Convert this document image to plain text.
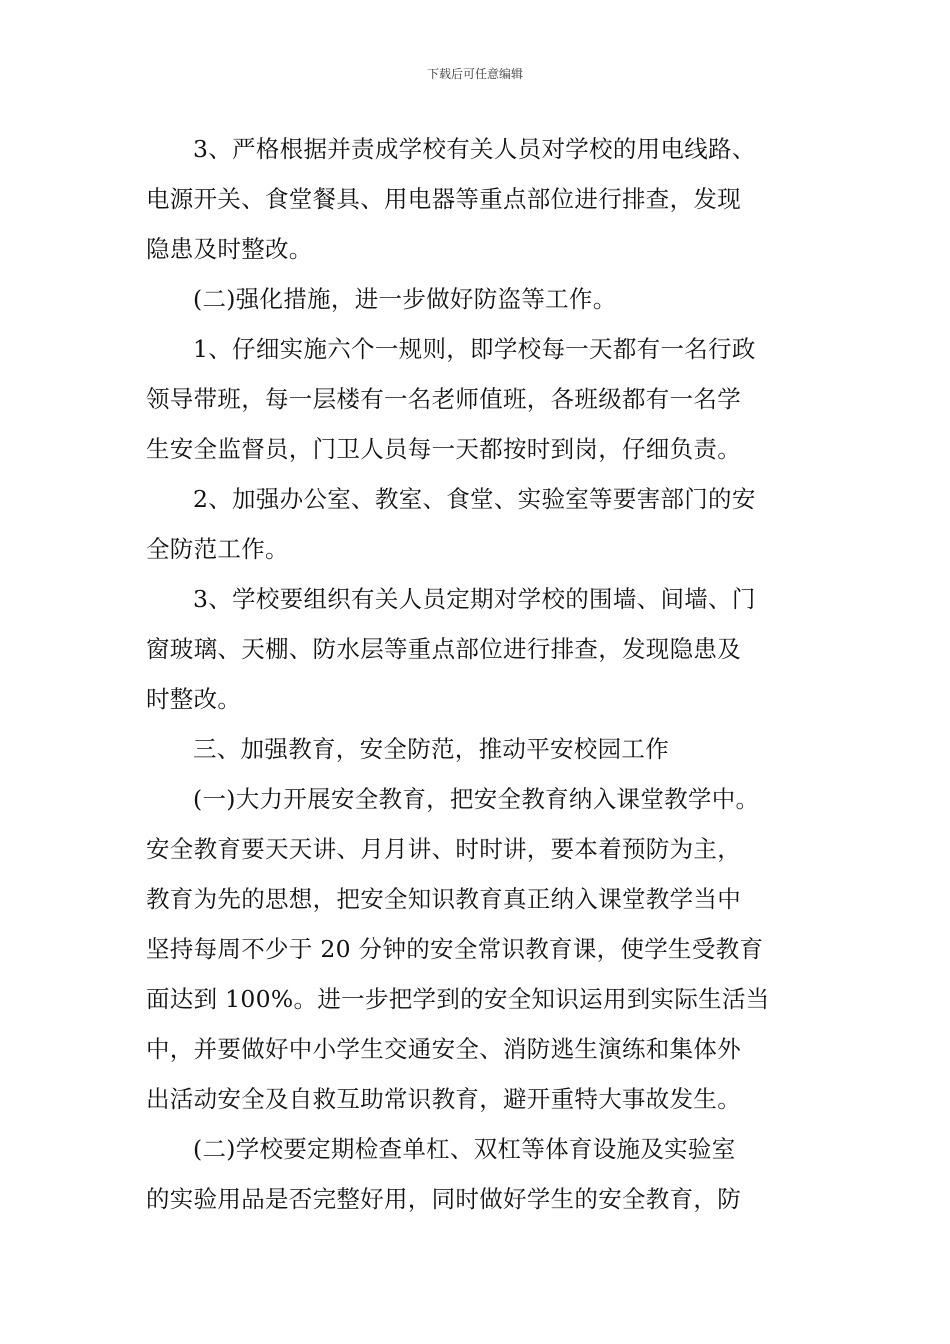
下载后可任意编辑
3、严格根据并责成学校有关人员对学校的用电线路、
电源开关、食堂餐具、用电器等重点部位进行排查，发现
隐患及时整改。
(二)强化措施，进一步做好防盗等工作。
1、仔细实施六个一规则，即学校每一天都有一名行政
领导带班，每一层楼有一名老师值班，各班级都有一名学
生安全监督员，门卫人员每一天都按时到岗，仔细负责。
2、加强办公室、教室、食堂、实验室等要害部门的安
全防范工作。
3、学校要组织有关人员定期对学校的围墙、间墙、门
窗玻璃、天棚、防水层等重点部位进行排查，发现隐患及
时整改。
三、加强教育，安全防范，推动平安校园工作
(一)大力开展安全教育，把安全教育纳入课堂教学中。
安全教育要天天讲、月月讲、时时讲，要本着预防为主，
教育为先的思想，把安全知识教育真正纳入课堂教学当中
坚持每周不少于 20 分钟的安全常识教育课，使学生受教育
面达到 100%。进一步把学到的安全知识运用到实际生活当
中，并要做好中小学生交通安全、消防逃生演练和集体外
出活动安全及自救互助常识教育，避开重特大事故发生。
(二)学校要定期检查单杠、双杠等体育设施及实验室
的实验用品是否完整好用，同时做好学生的安全教育，防
